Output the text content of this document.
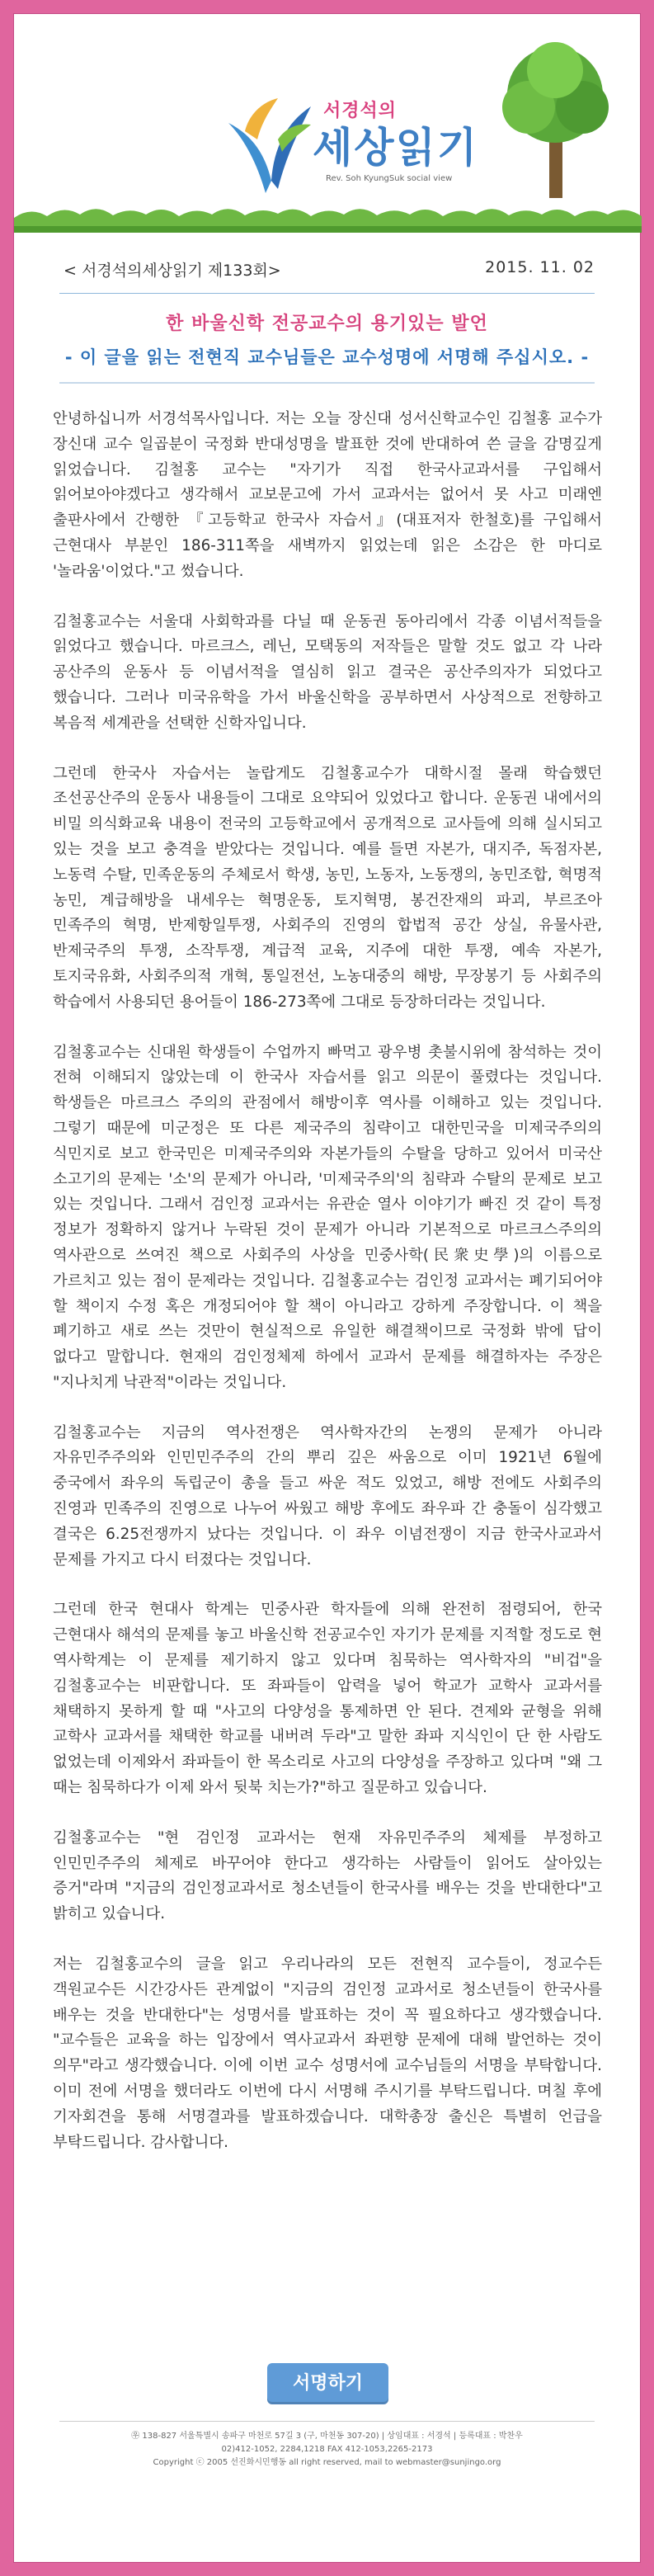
서경석의
세상읽기
Rev. Soh KyungSuk social view
< 서경석의세상읽기 제133회>	2015. 11. 02
한 바울신학 전공교수의 용기있는 발언
- 이 글을 읽는 전현직 교수님들은 교수성명에 서명해 주십시오. -

안녕하십니까 서경석목사입니다. 저는 오늘 장신대 성서신학교수인 김철홍 교수가 장신대 교수 일곱분이 국정화 반대성명을 발표한 것에 반대하여 쓴 글을 감명깊게 읽었습니다. 김철홍 교수는 "자기가 직접 한국사교과서를 구입해서 읽어보아야겠다고 생각해서 교보문고에 가서 교과서는 없어서 못 사고 미래엔 출판사에서 간행한 『고등학교 한국사 자습서』(대표저자 한철호)를 구입해서 근현대사 부분인 186-311쪽을 새벽까지 읽었는데 읽은 소감은 한 마디로 '놀라움'이었다."고 썼습니다.

김철홍교수는 서울대 사회학과를 다닐 때 운동권 동아리에서 각종 이념서적들을 읽었다고 했습니다. 마르크스, 레닌, 모택동의 저작들은 말할 것도 없고 각 나라 공산주의 운동사 등 이념서적을 열심히 읽고 결국은 공산주의자가 되었다고 했습니다. 그러나 미국유학을 가서 바울신학을 공부하면서 사상적으로 전향하고 복음적 세계관을 선택한 신학자입니다.

그런데 한국사 자습서는 놀랍게도 김철홍교수가 대학시절 몰래 학습했던 조선공산주의 운동사 내용들이 그대로 요약되어 있었다고 합니다. 운동권 내에서의 비밀 의식화교육 내용이 전국의 고등학교에서 공개적으로 교사들에 의해 실시되고 있는 것을 보고 충격을 받았다는 것입니다. 예를 들면 자본가, 대지주, 독점자본, 노동력 수탈, 민족운동의 주체로서 학생, 농민, 노동자, 노동쟁의, 농민조합, 혁명적 농민, 계급해방을 내세우는 혁명운동, 토지혁명, 봉건잔재의 파괴, 부르조아 민족주의 혁명, 반제항일투쟁, 사회주의 진영의 합법적 공간 상실, 유물사관, 반제국주의 투쟁, 소작투쟁, 계급적 교육, 지주에 대한 투쟁, 예속 자본가, 토지국유화, 사회주의적 개혁, 통일전선, 노농대중의 해방, 무장봉기 등 사회주의 학습에서 사용되던 용어들이 186-273쪽에 그대로 등장하더라는 것입니다.

김철홍교수는 신대원 학생들이 수업까지 빠먹고 광우병 촛불시위에 참석하는 것이 전혀 이해되지 않았는데 이 한국사 자습서를 읽고 의문이 풀렸다는 것입니다. 학생들은 마르크스 주의의 관점에서 해방이후 역사를 이해하고 있는 것입니다. 그렇기 때문에 미군정은 또 다른 제국주의 침략이고 대한민국을 미제국주의의 식민지로 보고 한국민은 미제국주의와 자본가들의 수탈을 당하고 있어서 미국산 소고기의 문제는 '소'의 문제가 아니라, '미제국주의'의 침략과 수탈의 문제로 보고 있는 것입니다. 그래서 검인정 교과서는 유관순 열사 이야기가 빠진 것 같이 특정 정보가 정확하지 않거나 누락된 것이 문제가 아니라 기본적으로 마르크스주의의 역사관으로 쓰여진 책으로 사회주의 사상을 민중사학(民衆史學)의 이름으로 가르치고 있는 점이 문제라는 것입니다. 김철홍교수는 검인정 교과서는 폐기되어야 할 책이지 수정 혹은 개정되어야 할 책이 아니라고 강하게 주장합니다. 이 책을 폐기하고 새로 쓰는 것만이 현실적으로 유일한 해결책이므로 국정화 밖에 답이 없다고 말합니다. 현재의 검인정체제 하에서 교과서 문제를 해결하자는 주장은 "지나치게 낙관적"이라는 것입니다.

김철홍교수는 지금의 역사전쟁은 역사학자간의 논쟁의 문제가 아니라 자유민주주의와 인민민주주의 간의 뿌리 깊은 싸움으로 이미 1921년 6월에 중국에서 좌우의 독립군이 총을 들고 싸운 적도 있었고, 해방 전에도 사회주의 진영과 민족주의 진영으로 나누어 싸웠고 해방 후에도 좌우파 간 충돌이 심각했고 결국은 6.25전쟁까지 났다는 것입니다. 이 좌우 이념전쟁이 지금 한국사교과서 문제를 가지고 다시 터졌다는 것입니다.

그런데 한국 현대사 학계는 민중사관 학자들에 의해 완전히 점령되어, 한국 근현대사 해석의 문제를 놓고 바울신학 전공교수인 자기가 문제를 지적할 정도로 현 역사학계는 이 문제를 제기하지 않고 있다며 침묵하는 역사학자의 "비겁"을 김철홍교수는 비판합니다. 또 좌파들이 압력을 넣어 학교가 교학사 교과서를 채택하지 못하게 할 때 "사고의 다양성을 통제하면 안 된다. 견제와 균형을 위해 교학사 교과서를 채택한 학교를 내버려 두라"고 말한 좌파 지식인이 단 한 사람도 없었는데 이제와서 좌파들이 한 목소리로 사고의 다양성을 주장하고 있다며 "왜 그 때는 침묵하다가 이제 와서 뒷북 치는가?"하고 질문하고 있습니다.

김철홍교수는 "현 검인정 교과서는 현재 자유민주주의 체제를 부정하고 인민민주주의 체제로 바꾸어야 한다고 생각하는 사람들이 읽어도 살아있는 증거"라며 "지금의 검인정교과서로 청소년들이 한국사를 배우는 것을 반대한다"고 밝히고 있습니다.

저는 김철홍교수의 글을 읽고 우리나라의 모든 전현직 교수들이, 정교수든 객원교수든 시간강사든 관계없이 "지금의 검인정 교과서로 청소년들이 한국사를 배우는 것을 반대한다"는 성명서를 발표하는 것이 꼭 필요하다고 생각했습니다. "교수들은 교육을 하는 입장에서 역사교과서 좌편향 문제에 대해 발언하는 것이 의무"라고 생각했습니다. 이에 이번 교수 성명서에 교수님들의 서명을 부탁합니다. 이미 전에 서명을 했더라도 이번에 다시 서명해 주시기를 부탁드립니다. 며칠 후에 기자회견을 통해 서명결과를 발표하겠습니다. 대학총장 출신은 특별히 언급을 부탁드립니다. 감사합니다.

서명하기
㉾ 138-827 서울특별시 송파구 마천로 57길 3 (구, 마천동 307-20) | 상임대표 : 서경석 | 등록대표 : 박찬우
02)412-1052, 2284,1218 FAX 412-1053,2265-2173
Copyright ⓒ 2005 선진화시민행동 all right reserved, mail to webmaster@sunjingo.org
